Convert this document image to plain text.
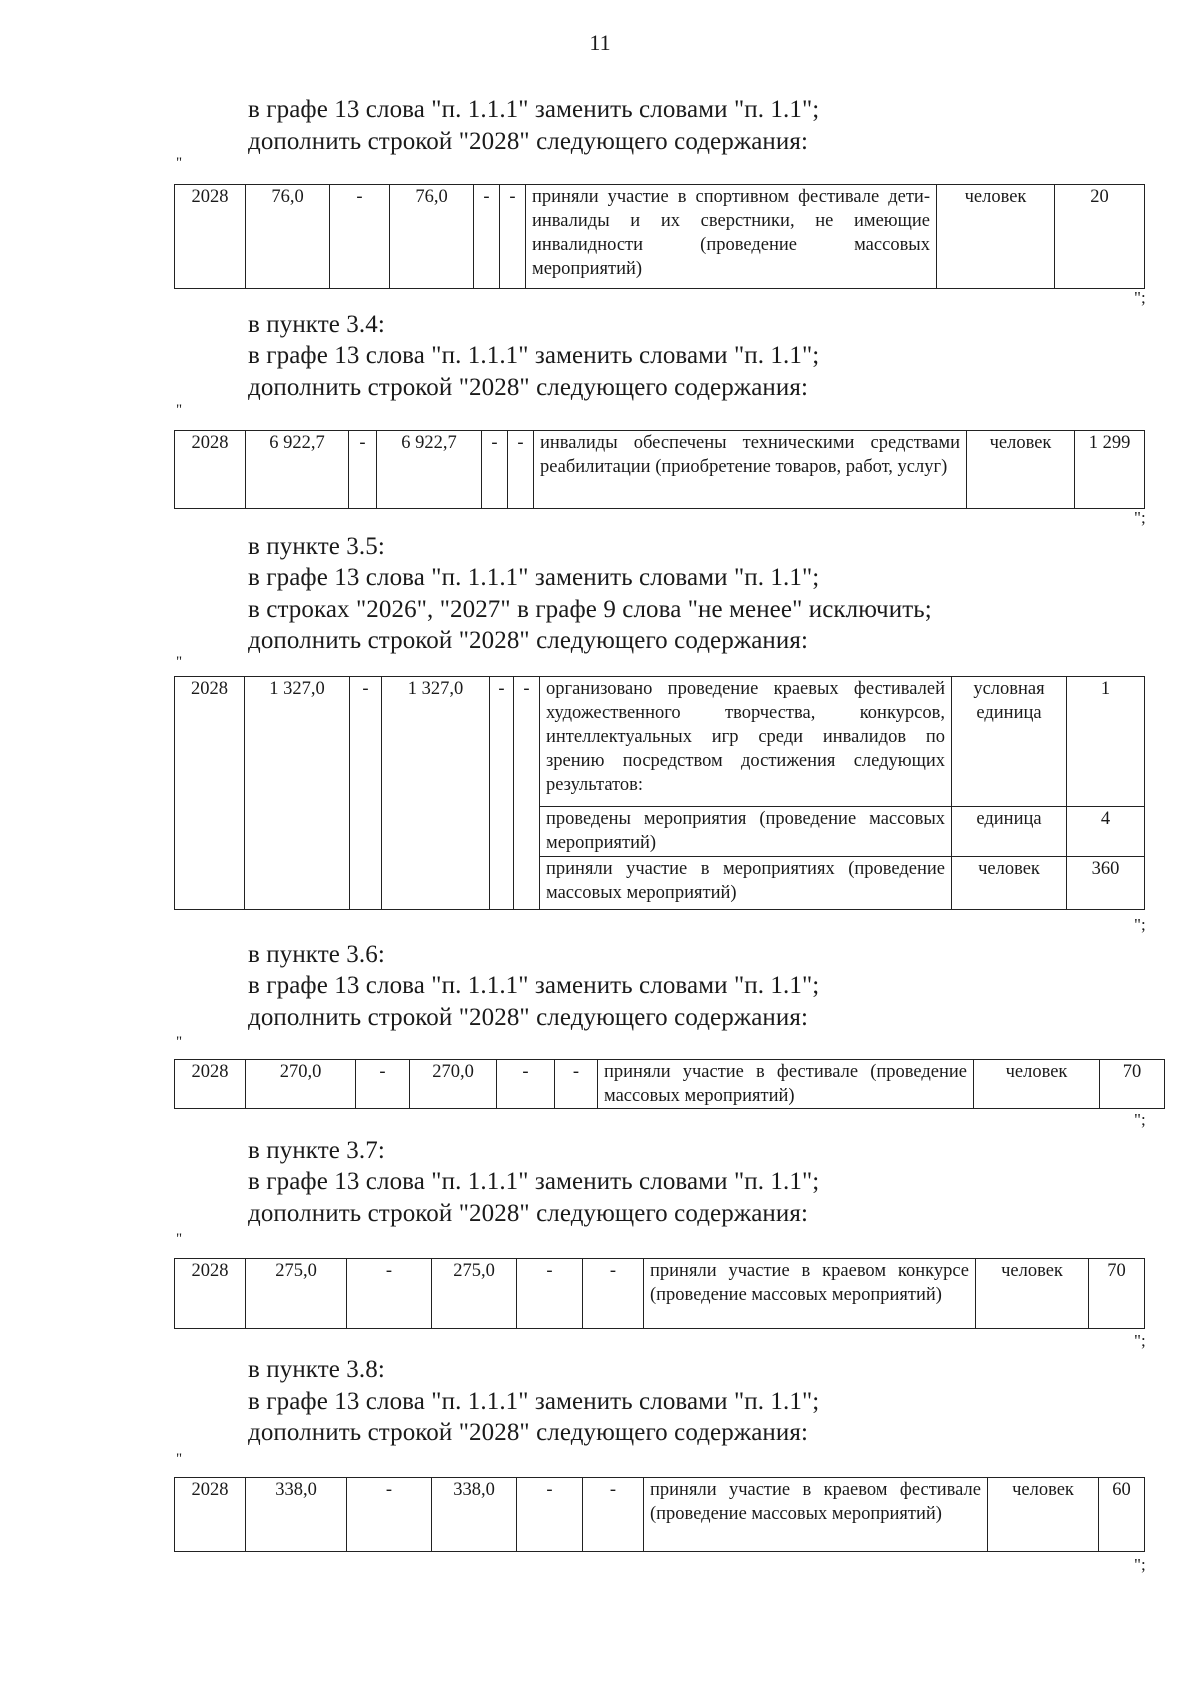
11
в графе 13 слова "п. 1.1.1" заменить словами "п. 1.1";
дополнить строкой "2028" следующего содержания:
"
2028	76,0	-	76,0	-	-	приняли участие в спортивном фестивале дети-инвалиды и их сверстники, не имеющие инвалидности (проведение массовых мероприятий)	человек	20
";
в пункте 3.4:
в графе 13 слова "п. 1.1.1" заменить словами "п. 1.1";
дополнить строкой "2028" следующего содержания:
"
2028	6 922,7	-	6 922,7	-	-	инвалиды обеспечены техническими средствами реабилитации (приобретение товаров, работ, услуг)	человек	1 299
";
в пункте 3.5:
в графе 13 слова "п. 1.1.1" заменить словами "п. 1.1";
в строках "2026", "2027" в графе 9 слова "не менее" исключить;
дополнить строкой "2028" следующего содержания:
"
2028	1 327,0	-	1 327,0	-	-	организовано проведение краевых фестивалей художественного творчества, конкурсов, интеллектуальных игр среди инвалидов по зрению посредством достижения следующих результатов:	условная единица	1
						проведены мероприятия (проведение массовых мероприятий)	единица	4
						приняли участие в мероприятиях (проведение массовых мероприятий)	человек	360
";
в пункте 3.6:
в графе 13 слова "п. 1.1.1" заменить словами "п. 1.1";
дополнить строкой "2028" следующего содержания:
"
2028	270,0	-	270,0	-	-	приняли участие в фестивале (проведение массовых мероприятий)	человек	70
";
в пункте 3.7:
в графе 13 слова "п. 1.1.1" заменить словами "п. 1.1";
дополнить строкой "2028" следующего содержания:
"
2028	275,0	-	275,0	-	-	приняли участие в краевом конкурсе (проведение массовых мероприятий)	человек	70
";
в пункте 3.8:
в графе 13 слова "п. 1.1.1" заменить словами "п. 1.1";
дополнить строкой "2028" следующего содержания:
"
2028	338,0	-	338,0	-	-	приняли участие в краевом фестивале (проведение массовых мероприятий)	человек	60
";
